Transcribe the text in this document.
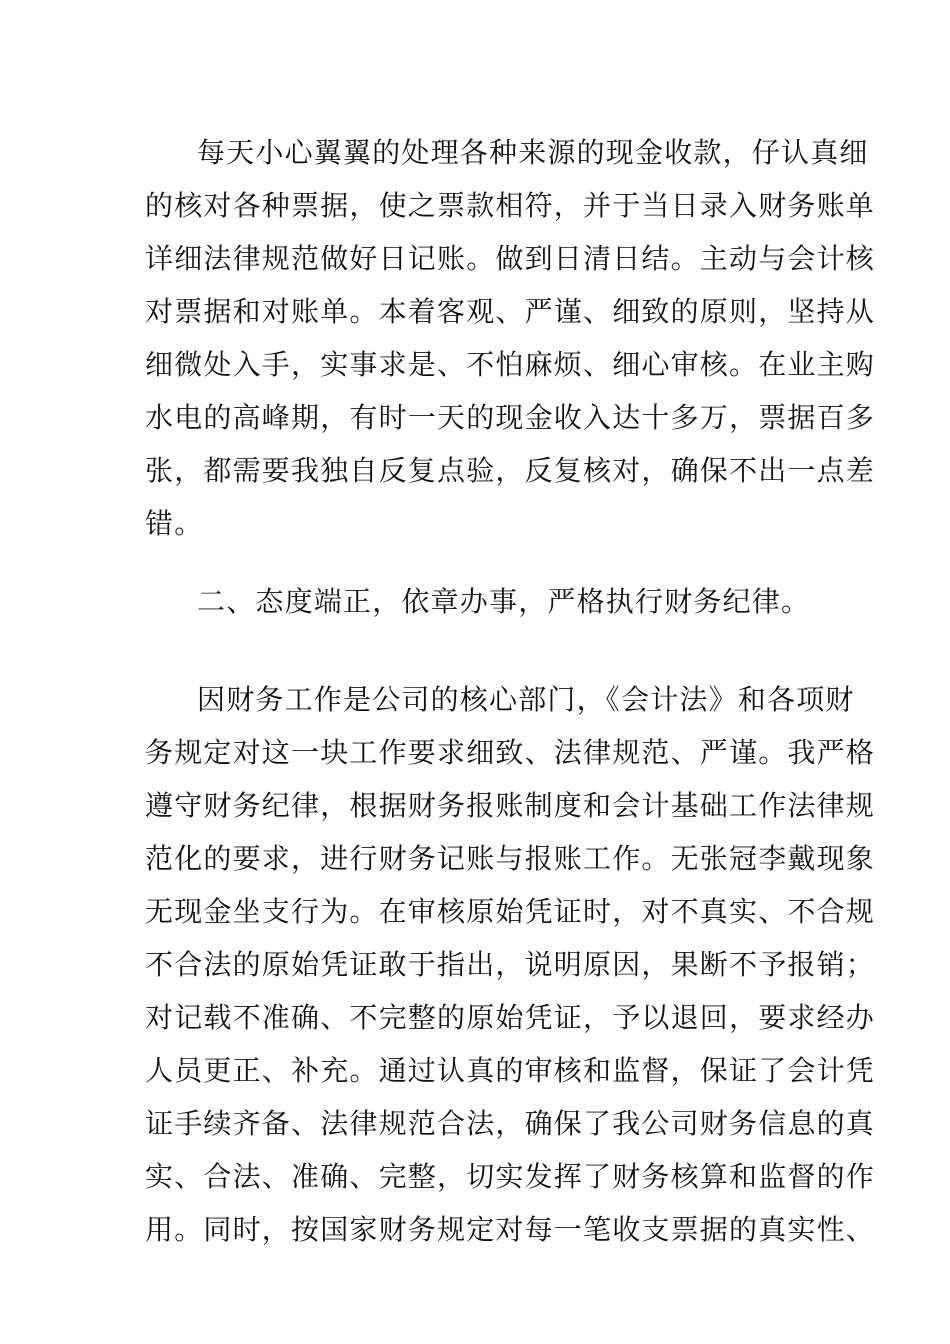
每天小心翼翼的处理各种来源的现金收款，仔认真细
的核对各种票据，使之票款相符，并于当日录入财务账单
详细法律规范做好日记账。做到日清日结。主动与会计核
对票据和对账单。本着客观、严谨、细致的原则，坚持从
细微处入手，实事求是、不怕麻烦、细心审核。在业主购
水电的高峰期，有时一天的现金收入达十多万，票据百多
张，都需要我独自反复点验，反复核对，确保不出一点差
错。
二、态度端正，依章办事，严格执行财务纪律。
因财务工作是公司的核心部门，《会计法》和各项财
务规定对这一块工作要求细致、法律规范、严谨。我严格
遵守财务纪律，根据财务报账制度和会计基础工作法律规
范化的要求，进行财务记账与报账工作。无张冠李戴现象
无现金坐支行为。在审核原始凭证时，对不真实、不合规
不合法的原始凭证敢于指出，说明原因，果断不予报销；
对记载不准确、不完整的原始凭证，予以退回，要求经办
人员更正、补充。通过认真的审核和监督，保证了会计凭
证手续齐备、法律规范合法，确保了我公司财务信息的真
实、合法、准确、完整，切实发挥了财务核算和监督的作
用。同时，按国家财务规定对每一笔收支票据的真实性、
